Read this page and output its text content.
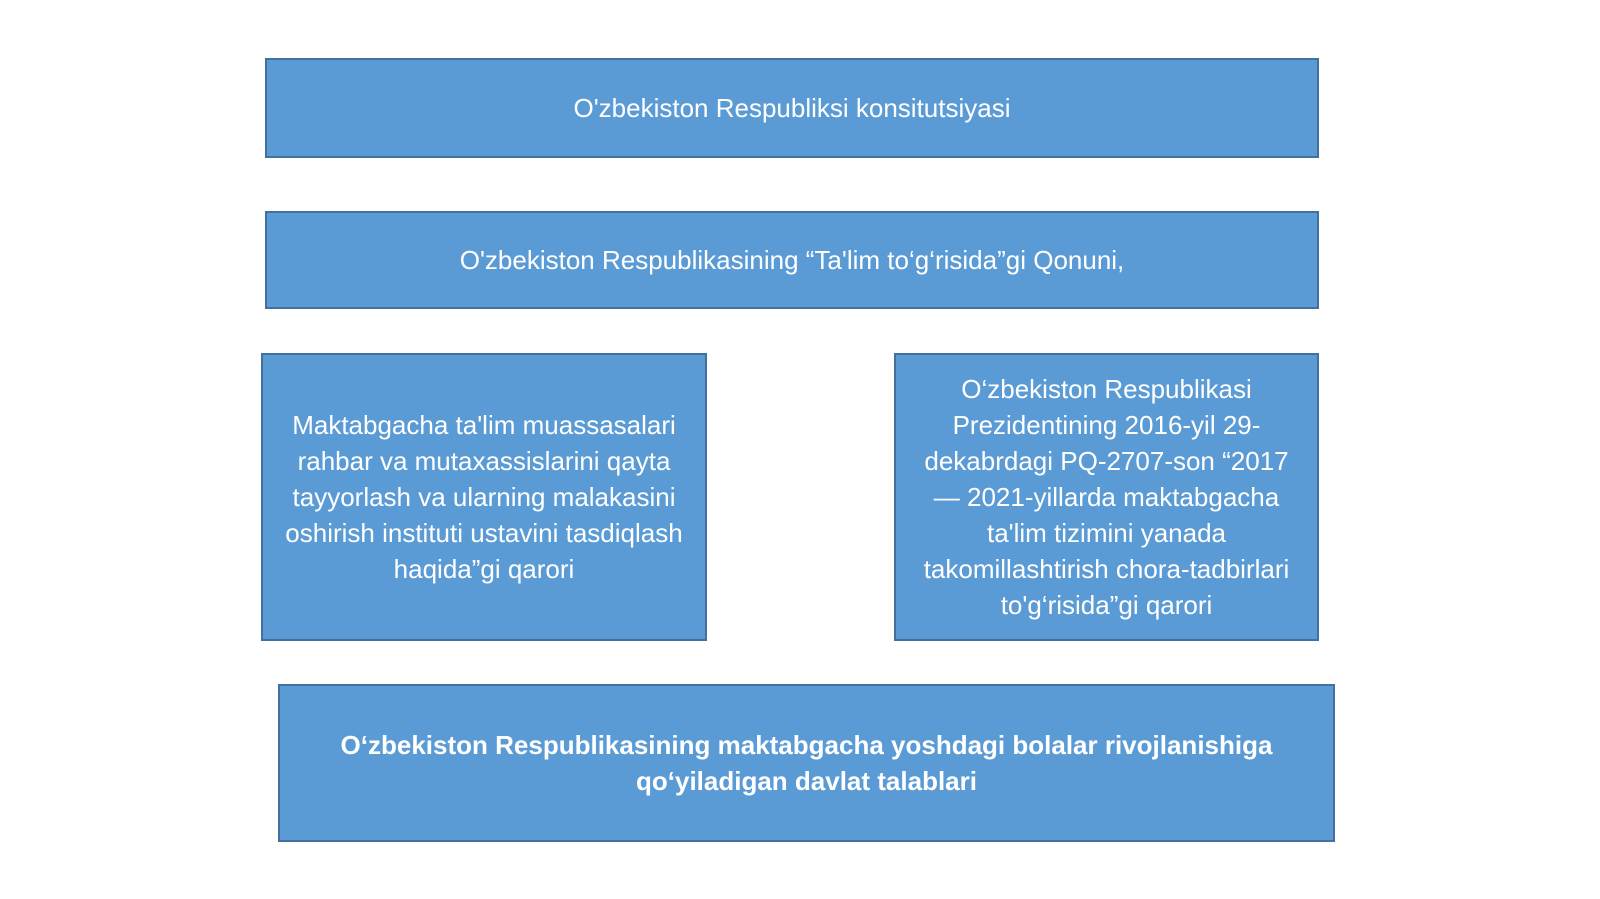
O'zbekiston Respubliksi konsitutsiyasi
O'zbekiston Respublikasining “Ta'lim to‘g‘risida”gi Qonuni,
Maktabgacha ta'lim muassasalari rahbar va mutaxassislarini qayta tayyorlash va ularning malakasini oshirish instituti ustavini tasdiqlash haqida”gi qarori
O‘zbekiston Respublikasi Prezidentining 2016-yil 29-dekabrdagi PQ-2707-son “2017 — 2021-yillarda maktabgacha ta'lim tizimini yanada takomillashtirish chora-tadbirlari to'g‘risida”gi qarori
O‘zbekiston Respublikasining maktabgacha yoshdagi bolalar rivojlanishiga qo‘yiladigan davlat talablari
